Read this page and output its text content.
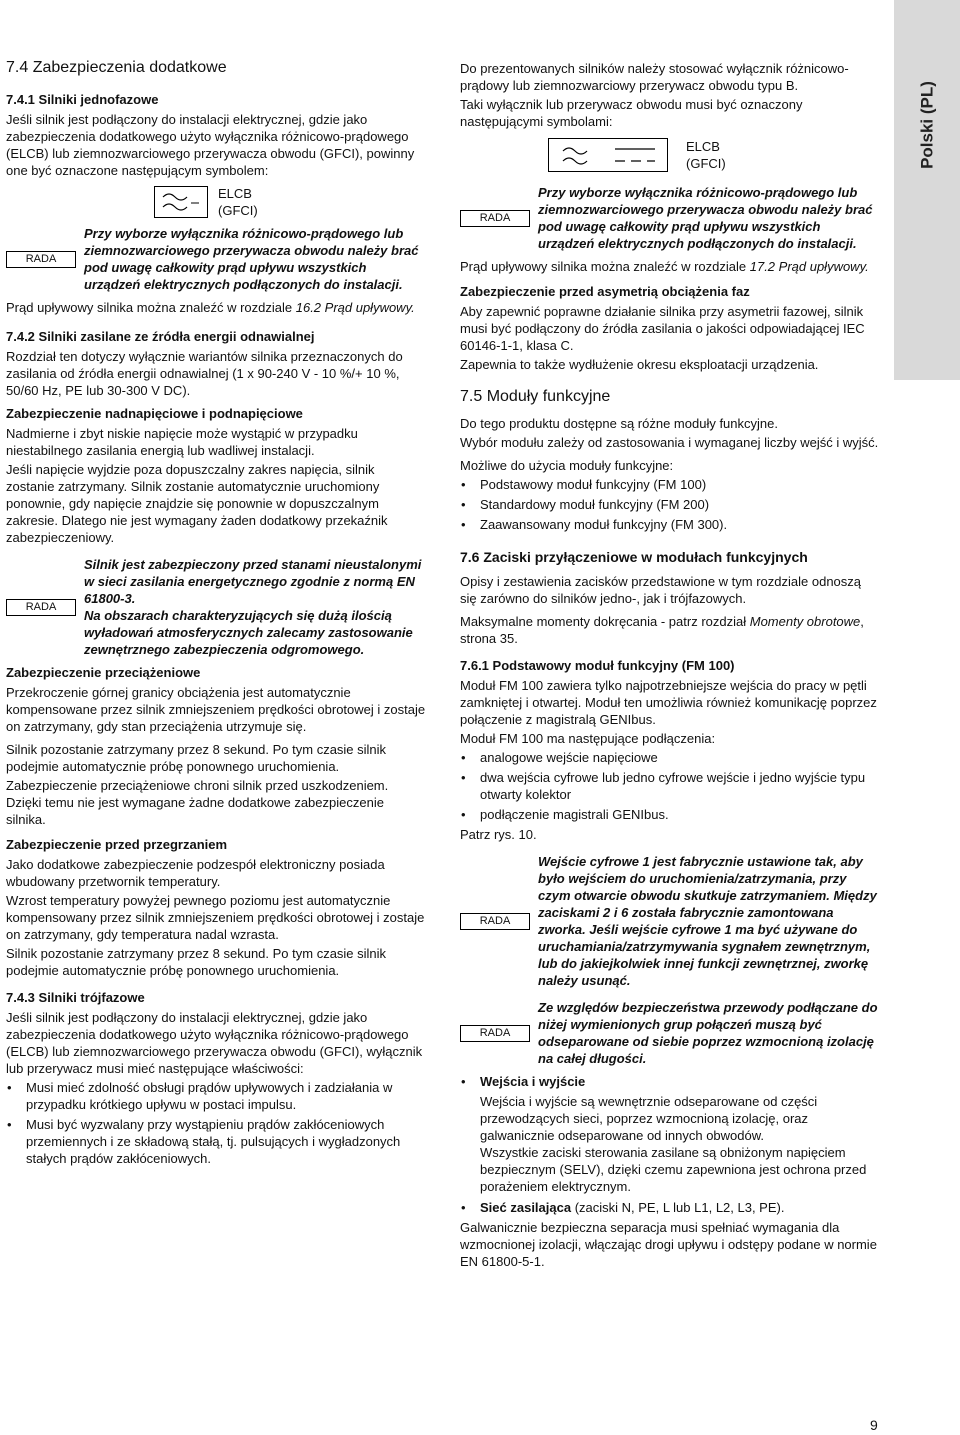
Polski (PL)
7.4 Zabezpieczenia dodatkowe
7.4.1 Silniki jednofazowe

Jeśli silnik jest podłączony do instalacji elektrycznej, gdzie jako zabezpieczenia dodatkowego użyto wyłącznika różnicowo-prądowego (ELCB) lub ziemnozwarciowego przerywacza obwodu (GFCI), powinny one być oznaczone następującym symbolem:

ELCB
(GFCI)
RADA
Przy wyborze wyłącznika różnicowo-prądowego lub ziemnozwarciowego przerywacza obwodu należy brać pod uwagę całkowity prąd upływu wszystkich urządzeń elektrycznych podłączonych do instalacji.

Prąd upływowy silnika można znaleźć w rozdziale 16.2 Prąd upływowy.

7.4.2 Silniki zasilane ze źródła energii odnawialnej

Rozdział ten dotyczy wyłącznie wariantów silnika przeznaczonych do zasilania od źródła energii odnawialnej (1 x 90-240 V - 10 %/+ 10 %, 50/60 Hz, PE lub 30-300 V DC).

Zabezpieczenie nadnapięciowe i podnapięciowe

Nadmierne i zbyt niskie napięcie może wystąpić w przypadku niestabilnego zasilania energią lub wadliwej instalacji.

Jeśli napięcie wyjdzie poza dopuszczalny zakres napięcia, silnik zostanie zatrzymany. Silnik zostanie automatycznie uruchomiony ponownie, gdy napięcie znajdzie się ponownie w dopuszczalnym zakresie. Dlatego nie jest wymagany żaden dodatkowy przekaźnik zabezpieczeniowy.

RADA
Silnik jest zabezpieczony przed stanami nieustalonymi w sieci zasilania energetycznego zgodnie z normą EN 61800-3.
Na obszarach charakteryzujących się dużą ilością wyładowań atmosferycznych zalecamy zastosowanie zewnętrznego zabezpieczenia odgromowego.
Zabezpieczenie przeciążeniowe

Przekroczenie górnej granicy obciążenia jest automatycznie kompensowane przez silnik zmniejszeniem prędkości obrotowej i zostaje on zatrzymany, gdy stan przeciążenia utrzymuje się.

Silnik pozostanie zatrzymany przez 8 sekund. Po tym czasie silnik podejmie automatycznie próbę ponownego uruchomienia.

Zabezpieczenie przeciążeniowe chroni silnik przed uszkodzeniem. Dzięki temu nie jest wymagane żadne dodatkowe zabezpieczenie silnika.

Zabezpieczenie przed przegrzaniem

Jako dodatkowe zabezpieczenie podzespół elektroniczny posiada wbudowany przetwornik temperatury.

Wzrost temperatury powyżej pewnego poziomu jest automatycznie kompensowany przez silnik zmniejszeniem prędkości obrotowej i zostaje on zatrzymany, gdy temperatura nadal wzrasta.

Silnik pozostanie zatrzymany przez 8 sekund. Po tym czasie silnik podejmie automatycznie próbę ponownego uruchomienia.

7.4.3 Silniki trójfazowe

Jeśli silnik jest podłączony do instalacji elektrycznej, gdzie jako zabezpieczenia dodatkowego użyto wyłącznika różnicowo-prądowego (ELCB) lub ziemnozwarciowego przerywacza obwodu (GFCI), wyłącznik lub przerywacz musi mieć następujące właściwości:

• Musi mieć zdolność obsługi prądów upływowych i zadziałania w przypadku krótkiego upływu w postaci impulsu.
• Musi być wyzwalany przy wystąpieniu prądów zakłóceniowych przemiennych i ze składową stałą, tj. pulsujących i wygładzonych stałych prądów zakłóceniowych.

Do prezentowanych silników należy stosować wyłącznik różnicowo-prądowy lub ziemnozwarciowy przerywacz obwodu typu B.

Taki wyłącznik lub przerywacz obwodu musi być oznaczony następującymi symbolami:

ELCB
(GFCI)
RADA
Przy wyborze wyłącznika różnicowo-prądowego lub ziemnozwarciowego przerywacza obwodu należy brać pod uwagę całkowity prąd upływu wszystkich urządzeń elektrycznych podłączonych do instalacji.

Prąd upływowy silnika można znaleźć w rozdziale 17.2 Prąd upływowy.

Zabezpieczenie przed asymetrią obciążenia faz

Aby zapewnić poprawne działanie silnika przy asymetrii fazowej, silnik musi być podłączony do źródła zasilania o jakości odpowiadającej IEC 60146-1-1, klasa C.

Zapewnia to także wydłużenie okresu eksploatacji urządzenia.

7.5 Moduły funkcyjne

Do tego produktu dostępne są różne moduły funkcyjne.

Wybór modułu zależy od zastosowania i wymaganej liczby wejść i wyjść.

Możliwe do użycia moduły funkcyjne:

• Podstawowy moduł funkcyjny (FM 100)
• Standardowy moduł funkcyjny (FM 200)
• Zaawansowany moduł funkcyjny (FM 300).
7.6 Zaciski przyłączeniowe w modułach funkcyjnych

Opisy i zestawienia zacisków przedstawione w tym rozdziale odnoszą się zarówno do silników jedno-, jak i trójfazowych.

Maksymalne momenty dokręcania - patrz rozdział Momenty obrotowe, strona 35.

7.6.1 Podstawowy moduł funkcyjny (FM 100)

Moduł FM 100 zawiera tylko najpotrzebniejsze wejścia do pracy w pętli zamkniętej i otwartej. Moduł ten umożliwia również komunikację poprzez połączenie z magistralą GENIbus.

Moduł FM 100 ma następujące podłączenia:

• analogowe wejście napięciowe
• dwa wejścia cyfrowe lub jedno cyfrowe wejście i jedno wyjście typu otwarty kolektor
• podłączenie magistrali GENIbus.

Patrz rys. 10.

RADA
Wejście cyfrowe 1 jest fabrycznie ustawione tak, aby było wejściem do uruchomienia/zatrzymania, przy czym otwarcie obwodu skutkuje zatrzymaniem. Między zaciskami 2 i 6 została fabrycznie zamontowana zworka. Jeśli wejście cyfrowe 1 ma być używane do uruchamiania/zatrzymywania sygnałem zewnętrznym, lub do jakiejkolwiek innej funkcji zewnętrznej, zworkę należy usunąć.
RADA
Ze względów bezpieczeństwa przewody podłączane do niżej wymienionych grup połączeń muszą być odseparowane od siebie poprzez wzmocnioną izolację na całej długości.
• Wejścia i wyjście
Wejścia i wyjście są wewnętrznie odseparowane od części przewodzących sieci, poprzez wzmocnioną izolację, oraz galwanicznie odseparowane od innych obwodów.
Wszystkie zaciski sterowania zasilane są obniżonym napięciem bezpiecznym (SELV), dzięki czemu zapewniona jest ochrona przed porażeniem elektrycznym.
• Sieć zasilająca (zaciski N, PE, L lub L1, L2, L3, PE).

Galwanicznie bezpieczna separacja musi spełniać wymagania dla wzmocnionej izolacji, włączając drogi upływu i odstępy podane w normie EN 61800-5-1.

9
